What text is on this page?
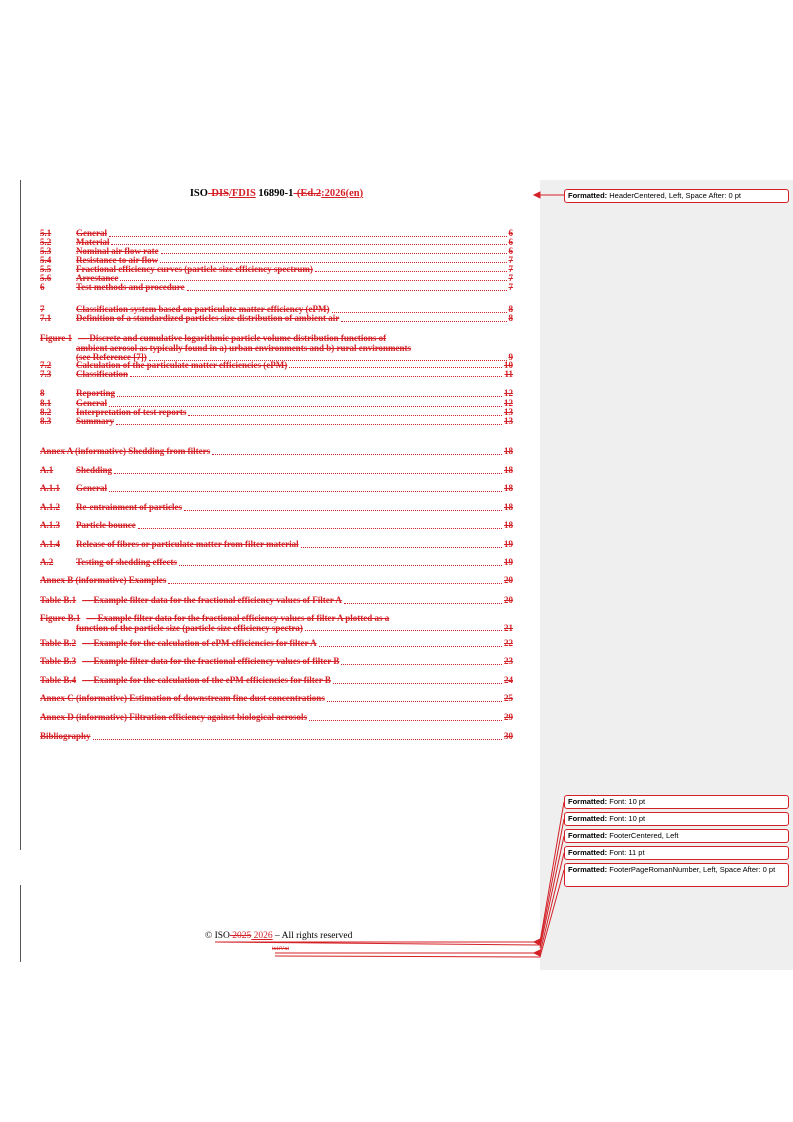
ISO-DIS/FDIS 16890-1-(Ed.2:2026(en)
5.1	General	6
5.2	Material	6
5.3	Nominal air flow rate	6
5.4	Resistance to air flow	7
5.5	Fractional efficiency curves (particle size efficiency spectrum)	7
5.6	Arrestance	7
6	Test methods and procedure	7
7	Classification system based on particulate matter efficiency (ePM)	8
7.1	Definition of a standardized particles size distribution of ambient air	8
Figure 1 — Discrete and cumulative logarithmic particle volume distribution functions of
ambient aerosol as typically found in a) urban environments and b) rural environments
(see Reference [7])	9
7.2	Calculation of the particulate matter efficiencies (ePM)	10
7.3	Classification	11
8	Reporting	12
8.1	General	12
8.2	Interpretation of test reports	13
8.3	Summary	13
Annex A (informative) Shedding from filters	18
A.1	Shedding	18
A.1.1	General	18
A.1.2	Re-entrainment of particles	18
A.1.3	Particle bounce	18
A.1.4	Release of fibres or particulate matter from filter material	19
A.2	Testing of shedding effects	19
Annex B (informative) Examples	20
Table B.1 — Example filter data for the fractional efficiency values of Filter A	20
Figure B.1 — Example filter data for the fractional efficiency values of filter A plotted as a
function of the particle size (particle size efficiency spectra)	21
Table B.2 — Example for the calculation of ePM efficiencies for filter A	22
Table B.3 — Example filter data for the fractional efficiency values of filter B	23
Table B.4 — Example for the calculation of the ePM efficiencies for filter B	24
Annex C (informative) Estimation of downstream fine dust concentrations	25
Annex D (informative) Filtration efficiency against biological aerosols	29
Bibliography	30
© ISO 2025 2026 – All rights reserved
ixiiVxi
Formatted: HeaderCentered, Left, Space After: 0 pt
Formatted: Font: 10 pt
Formatted: Font: 10 pt
Formatted: FooterCentered, Left
Formatted: Font: 11 pt
Formatted: FooterPageRomanNumber, Left, Space After: 0 pt
